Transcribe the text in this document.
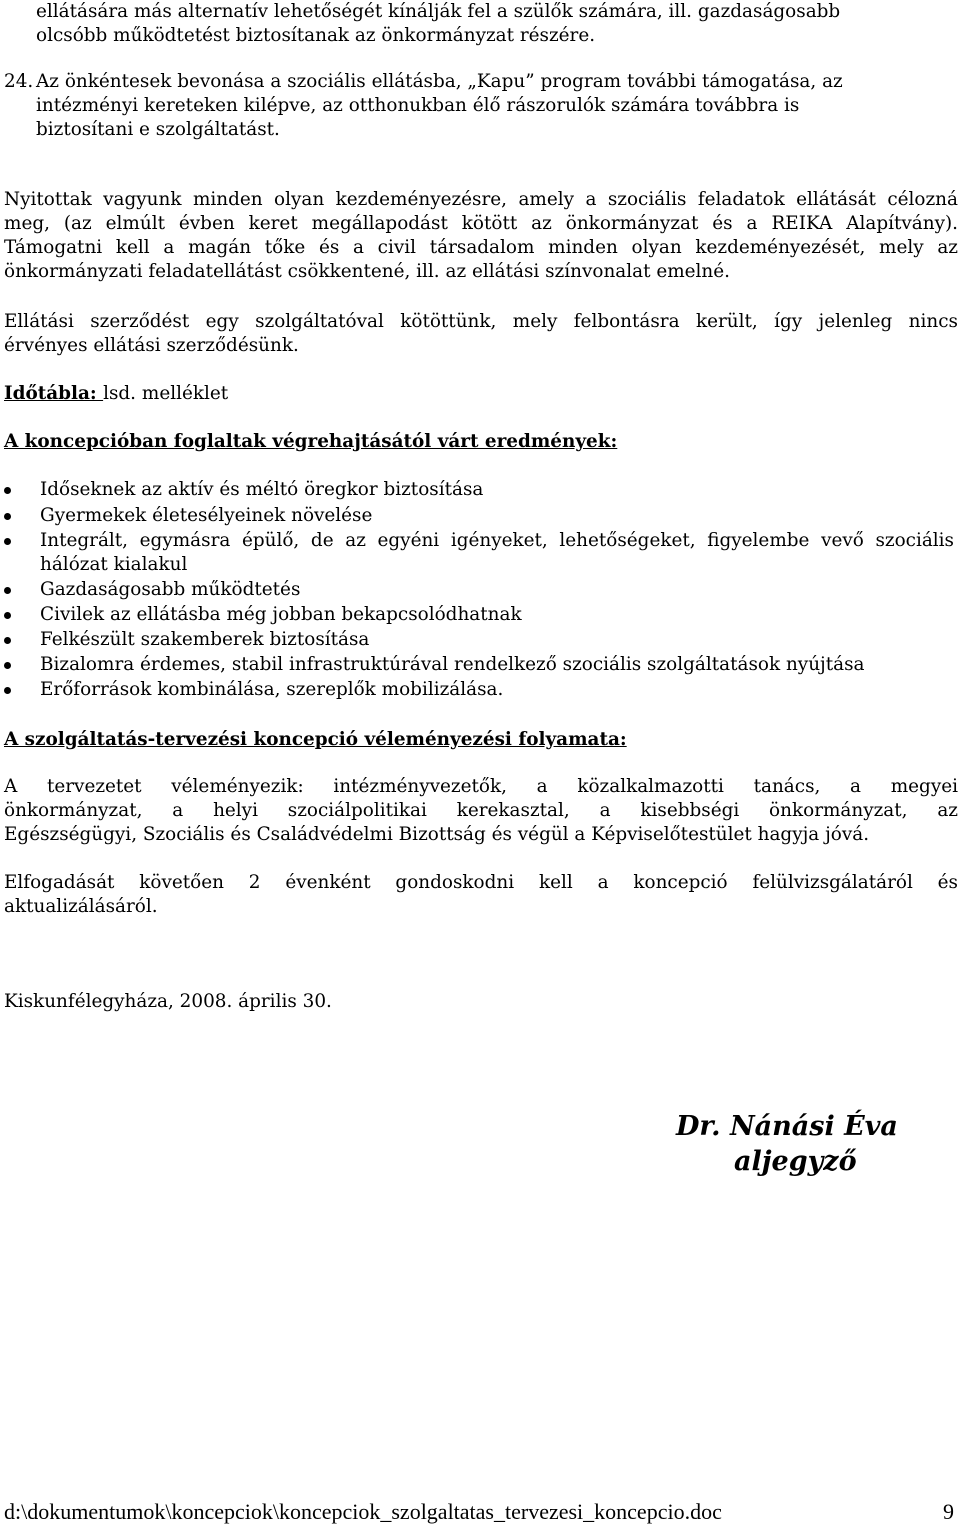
ellátására más alternatív lehetőségét kínálják fel a szülők számára, ill. gazdaságosabb
olcsóbb működtetést biztosítanak az önkormányzat részére.
24. Az önkéntesek bevonása a szociális ellátásba, „Kapu” program további támogatása, az
intézményi kereteken kilépve, az otthonukban élő rászorulók számára továbbra is
biztosítani e szolgáltatást.
Nyitottak vagyunk minden olyan kezdeményezésre, amely a szociális feladatok ellátását célozná
meg, (az elmúlt évben keret megállapodást kötött az önkormányzat és a REIKA Alapítvány).
Támogatni kell a magán tőke és a civil társadalom minden olyan kezdeményezését, mely az
önkormányzati feladatellátást csökkentené, ill. az ellátási színvonalat emelné.
Ellátási szerződést egy szolgáltatóval kötöttünk, mely felbontásra került, így jelenleg nincs
érvényes ellátási szerződésünk.
Időtábla: lsd. melléklet
A koncepcióban foglaltak végrehajtásától várt eredmények:
Időseknek az aktív és méltó öregkor biztosítása
Gyermekek életesélyeinek növelése
Integrált, egymásra épülő, de az egyéni igényeket, lehetőségeket, figyelembe vevő szociális
Gazdaságosabb működtetés
Civilek az ellátásba még jobban bekapcsolódhatnak
Felkészült szakemberek biztosítása
Bizalomra érdemes, stabil infrastruktúrával rendelkező szociális szolgáltatások nyújtása
Erőforrások kombinálása, szereplők mobilizálása.
hálózat kialakul
A szolgáltatás-tervezési koncepció véleményezési folyamata:
A tervezetet véleményezik: intézményvezetők, a közalkalmazotti tanács, a megyei
önkormányzat, a helyi szociálpolitikai kerekasztal, a kisebbségi önkormányzat, az
Egészségügyi, Szociális és Családvédelmi Bizottság és végül a Képviselőtestület hagyja jóvá.
Elfogadását követően 2 évenként gondoskodni kell a koncepció felülvizsgálatáról és
aktualizálásáról.
Kiskunfélegyháza, 2008. április 30.
Dr. Nánási Éva
aljegyző
d:\dokumentumok\koncepciok\koncepciok_szolgaltatas_tervezesi_koncepcio.doc	9
